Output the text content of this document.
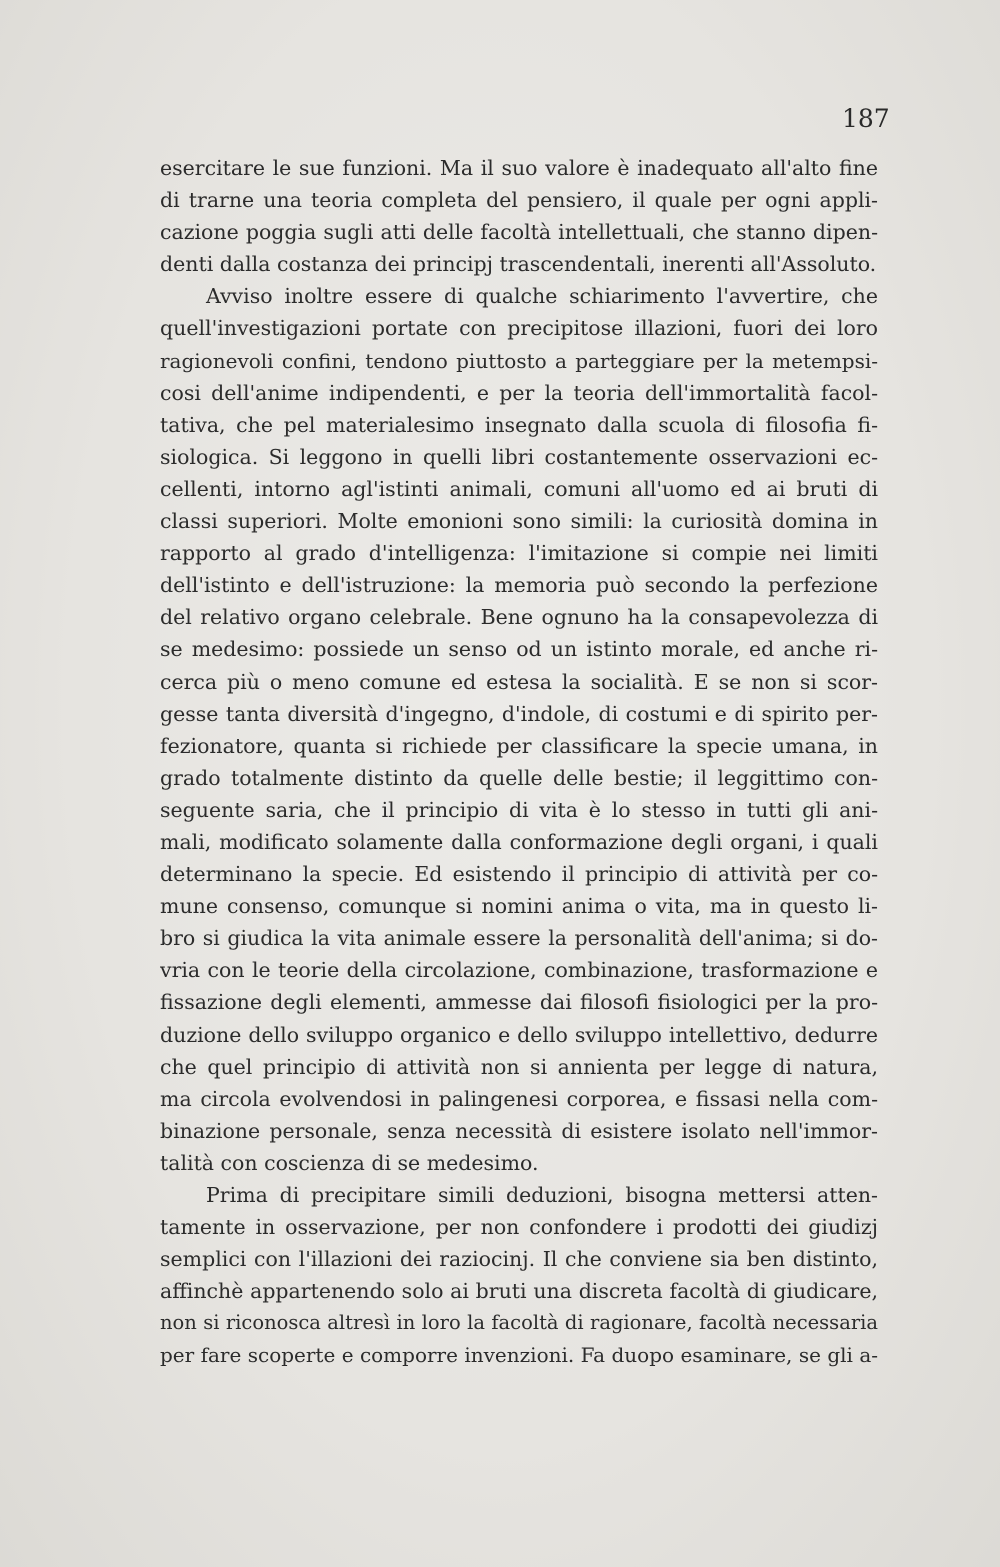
187
esercitare le sue funzioni. Ma il suo valore è inadequato all'alto fine
di trarne una teoria completa del pensiero, il quale per ogni appli-
cazione poggia sugli atti delle facoltà intellettuali, che stanno dipen-
denti dalla costanza dei principj trascendentali, inerenti all'Assoluto.
Avviso inoltre essere di qualche schiarimento l'avvertire, che
quell'investigazioni portate con precipitose illazioni, fuori dei loro
ragionevoli confini, tendono piuttosto a parteggiare per la metempsi-
cosi dell'anime indipendenti, e per la teoria dell'immortalità facol-
tativa, che pel materialesimo insegnato dalla scuola di filosofia fi-
siologica. Si leggono in quelli libri costantemente osservazioni ec-
cellenti, intorno agl'istinti animali, comuni all'uomo ed ai bruti di
classi superiori. Molte emonioni sono simili: la curiosità domina in
rapporto al grado d'intelligenza: l'imitazione si compie nei limiti
dell'istinto e dell'istruzione: la memoria può secondo la perfezione
del relativo organo celebrale. Bene ognuno ha la consapevolezza di
se medesimo: possiede un senso od un istinto morale, ed anche ri-
cerca più o meno comune ed estesa la socialità. E se non si scor-
gesse tanta diversità d'ingegno, d'indole, di costumi e di spirito per-
fezionatore, quanta si richiede per classificare la specie umana, in
grado totalmente distinto da quelle delle bestie; il leggittimo con-
seguente saria, che il principio di vita è lo stesso in tutti gli ani-
mali, modificato solamente dalla conformazione degli organi, i quali
determinano la specie. Ed esistendo il principio di attività per co-
mune consenso, comunque si nomini anima o vita, ma in questo li-
bro si giudica la vita animale essere la personalità dell'anima; si do-
vria con le teorie della circolazione, combinazione, trasformazione e
fissazione degli elementi, ammesse dai filosofi fisiologici per la pro-
duzione dello sviluppo organico e dello sviluppo intellettivo, dedurre
che quel principio di attività non si annienta per legge di natura,
ma circola evolvendosi in palingenesi corporea, e fissasi nella com-
binazione personale, senza necessità di esistere isolato nell'immor-
talità con coscienza di se medesimo.
Prima di precipitare simili deduzioni, bisogna mettersi atten-
tamente in osservazione, per non confondere i prodotti dei giudizj
semplici con l'illazioni dei raziocinj. Il che conviene sia ben distinto,
affinchè appartenendo solo ai bruti una discreta facoltà di giudicare,
non si riconosca altresì in loro la facoltà di ragionare, facoltà necessaria
per fare scoperte e comporre invenzioni. Fa duopo esaminare, se gli a-
